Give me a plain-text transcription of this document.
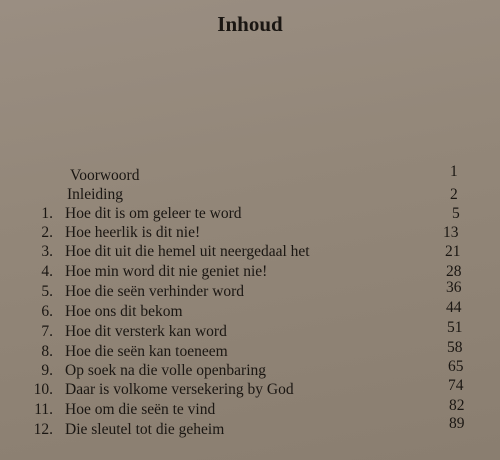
Inhoud
Voorwoord	1
Inleiding	2
1. Hoe dit is om geleer te word	5
2. Hoe heerlik is dit nie!	13
3. Hoe dit uit die hemel uit neergedaal het	21
4. Hoe min word dit nie geniet nie!	28
5. Hoe die seën verhinder word	36
6. Hoe ons dit bekom	44
7. Hoe dit versterk kan word	51
8. Hoe die seën kan toeneem	58
9. Op soek na die volle openbaring	65
10. Daar is volkome versekering by God	74
11. Hoe om die seën te vind	82
12. Die sleutel tot die geheim	89
